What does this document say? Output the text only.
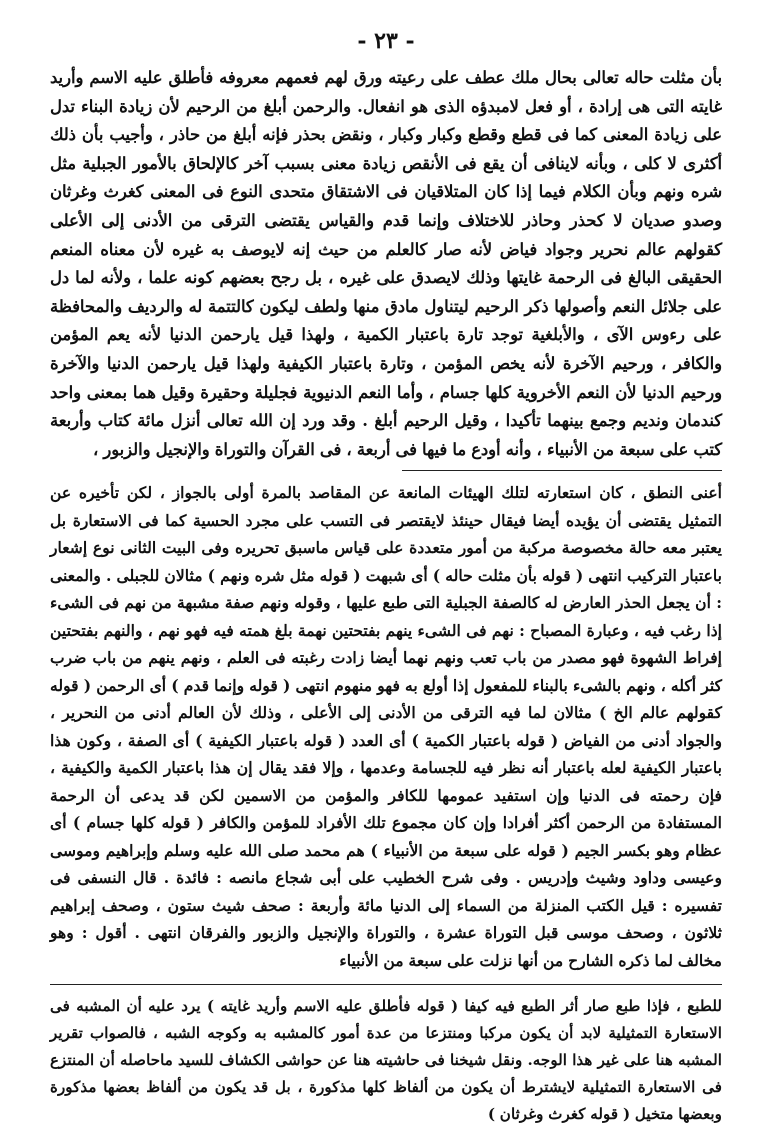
- ٢٣ -
بأن مثلت حاله تعالى بحال ملك عطف على رعيته ورق لهم فعمهم معروفه فأطلق عليه الاسم وأريد غايته التى هى إرادة ، أو فعل لامبدؤه الذى هو انفعال. والرحمن أبلغ من الرحيم لأن زيادة البناء تدل على زيادة المعنى كما فى قطع وقطع وكبار وكبار ، ونقض بحذر فإنه أبلغ من حاذر ، وأجيب بأن ذلك أكثرى لا كلى ، وبأنه لاينافى أن يقع فى الأنقص زيادة معنى بسبب آخر كالإلحاق بالأمور الجبلية مثل شره ونهم وبأن الكلام فيما إذا كان المتلاقيان فى الاشتقاق متحدى النوع فى المعنى كغرث وغرثان وصدو صديان لا كحذر وحاذر للاختلاف وإنما قدم والقياس يقتضى الترقى من الأدنى إلى الأعلى كقولهم عالم نحرير وجواد فياض لأنه صار كالعلم من حيث إنه لايوصف به غيره لأن معناه المنعم الحقيقى البالغ فى الرحمة غايتها وذلك لايصدق على غيره ، بل رجح بعضهم كونه علما ، ولأنه لما دل على جلائل النعم وأصولها ذكر الرحيم ليتناول مادق منها ولطف ليكون كالتتمة له والرديف والمحافظة على رءوس الآى ، والأبلغية توجد تارة باعتبار الكمية ، ولهذا قيل يارحمن الدنيا لأنه يعم المؤمن والكافر ، ورحيم الآخرة لأنه يخص المؤمن ، وتارة باعتبار الكيفية ولهذا قيل يارحمن الدنيا والآخرة ورحيم الدنيا لأن النعم الأخروية كلها جسام ، وأما النعم الدنيوية فجليلة وحقيرة وقيل هما بمعنى واحد كندمان ونديم وجمع بينهما تأكيدا ، وقيل الرحيم أبلغ . وقد ورد إن الله تعالى أنزل مائة كتاب وأربعة كتب على سبعة من الأنبياء ، وأنه أودع ما فيها فى أربعة ، فى القرآن والتوراة والإنجيل والزبور ،
أعنى النطق ، كان استعارته لتلك الهيئات المانعة عن المقاصد بالمرة أولى بالجواز ، لكن تأخيره عن التمثيل يقتضى أن يؤيده أيضا فيقال حينئذ لايقتصر فى التسب على مجرد الحسية كما فى الاستعارة بل يعتبر معه حالة مخصوصة مركبة من أمور متعددة على قياس ماسبق تحريره وفى البيت الثانى نوع إشعار باعتبار التركيب انتهى ( قوله بأن مثلت حاله ) أى شبهت ( قوله مثل شره ونهم ) مثالان للجبلى . والمعنى : أن يجعل الحذر العارض له كالصفة الجبلية التى طبع عليها ، وقوله ونهم صفة مشبهة من نهم فى الشىء إذا رغب فيه ، وعبارة المصباح : نهم فى الشىء ينهم بفتحتين نهمة بلغ همته فيه فهو نهم ، والنهم بفتحتين إفراط الشهوة فهو مصدر من باب تعب ونهم نهما أيضا زادت رغبته فى العلم ، ونهم ينهم من باب ضرب كثر أكله ، ونهم بالشىء بالبناء للمفعول إذا أولع به فهو منهوم انتهى ( قوله وإنما قدم ) أى الرحمن ( قوله كقولهم عالم الخ ) مثالان لما فيه الترقى من الأدنى إلى الأعلى ، وذلك لأن العالم أدنى من النحرير ، والجواد أدنى من الفياض ( قوله باعتبار الكمية ) أى العدد ( قوله باعتبار الكيفية ) أى الصفة ، وكون هذا باعتبار الكيفية لعله باعتبار أنه نظر فيه للجسامة وعدمها ، وإلا فقد يقال إن هذا باعتبار الكمية والكيفية ، فإن رحمته فى الدنيا وإن استفيد عمومها للكافر والمؤمن من الاسمين لكن قد يدعى أن الرحمة المستفادة من الرحمن أكثر أفرادا وإن كان مجموع تلك الأفراد للمؤمن والكافر ( قوله كلها جسام ) أى عظام وهو بكسر الجيم ( قوله على سبعة من الأنبياء ) هم محمد صلى الله عليه وسلم وإبراهيم وموسى وعيسى وداود وشيث وإدريس . وفى شرح الخطيب على أبى شجاع مانصه : فائدة . قال النسفى فى تفسيره : قيل الكتب المنزلة من السماء إلى الدنيا مائة وأربعة : صحف شيث ستون ، وصحف إبراهيم ثلاثون ، وصحف موسى قبل التوراة عشرة ، والتوراة والإنجيل والزبور والفرقان انتهى . أقول : وهو مخالف لما ذكره الشارح من أنها نزلت على سبعة من الأنبياء
للطبع ، فإذا طبع صار أثر الطبع فيه كيفا ( قوله فأطلق عليه الاسم وأريد غايته ) يرد عليه أن المشبه فى الاستعارة التمثيلية لابد أن يكون مركبا ومنتزعا من عدة أمور كالمشبه به وكوجه الشبه ، فالصواب تقرير المشبه هنا على غير هذا الوجه. ونقل شيخنا فى حاشيته هنا عن حواشى الكشاف للسيد ماحاصله أن المنتزع فى الاستعارة التمثيلية لايشترط أن يكون من ألفاظ كلها مذكورة ، بل قد يكون من ألفاظ بعضها مذكورة وبعضها متخيل ( قوله كغرث وغرثان )
